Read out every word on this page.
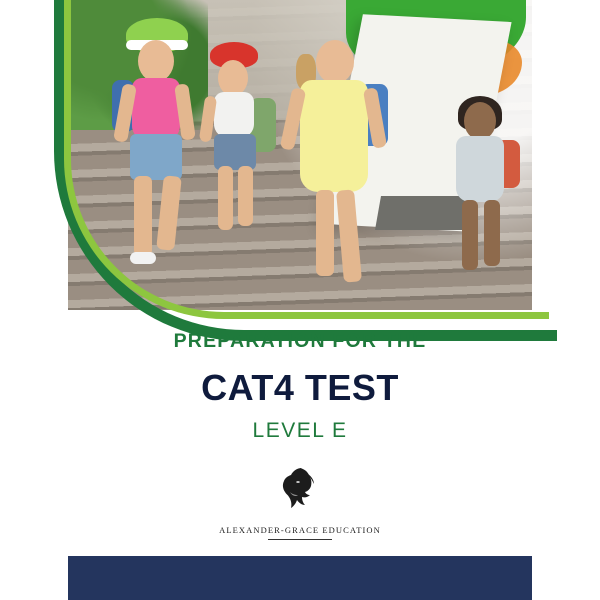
PREPARATION FOR THE

CAT4 TEST

LEVEL E

ALEXANDER-GRACE EDUCATION
